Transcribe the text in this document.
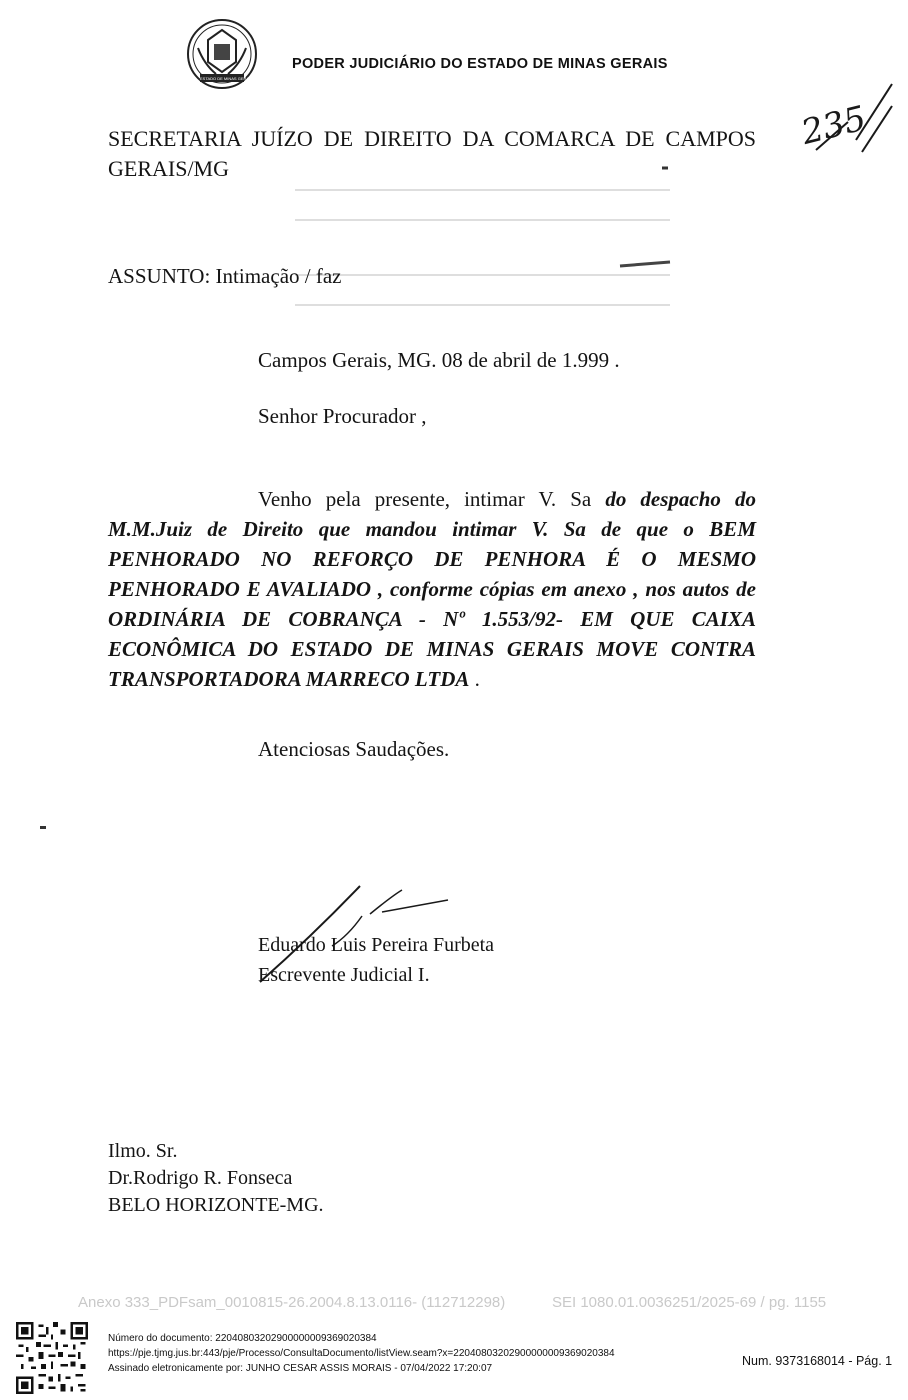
ESTADO DE MINAS GERAIS
PODER JUDICIÁRIO DO ESTADO DE MINAS GERAIS
235
SECRETARIA JUÍZO DE DIREITO DA COMARCA DE CAMPOS GERAIS/MG
ASSUNTO: Intimação / faz
Campos Gerais, MG. 08 de abril de 1.999 .
Senhor Procurador ,
Venho pela presente, intimar V. Sa do despacho do M.M.Juiz de Direito que mandou intimar V. Sa de que o BEM PENHORADO NO REFORÇO DE PENHORA É O MESMO PENHORADO E AVALIADO , conforme cópias em anexo , nos autos de ORDINÁRIA DE COBRANÇA - Nº 1.553/92- EM QUE CAIXA ECONÔMICA DO ESTADO DE MINAS GERAIS MOVE CONTRA TRANSPORTADORA MARRECO LTDA .
Atenciosas Saudações.
Eduardo Luis Pereira Furbeta
Escrevente Judicial I.
Ilmo. Sr.
Dr.Rodrigo R. Fonseca
BELO HORIZONTE-MG.
Anexo 333_PDFsam_0010815-26.2004.8.13.0116- (112712298)	SEI 1080.01.0036251/2025-69 / pg. 1155
Número do documento: 22040803202900000009369020384
https://pje.tjmg.jus.br:443/pje/Processo/ConsultaDocumento/listView.seam?x=22040803202900000009369020384
Assinado eletronicamente por: JUNHO CESAR ASSIS MORAIS - 07/04/2022 17:20:07
Num. 9373168014 - Pág. 1
